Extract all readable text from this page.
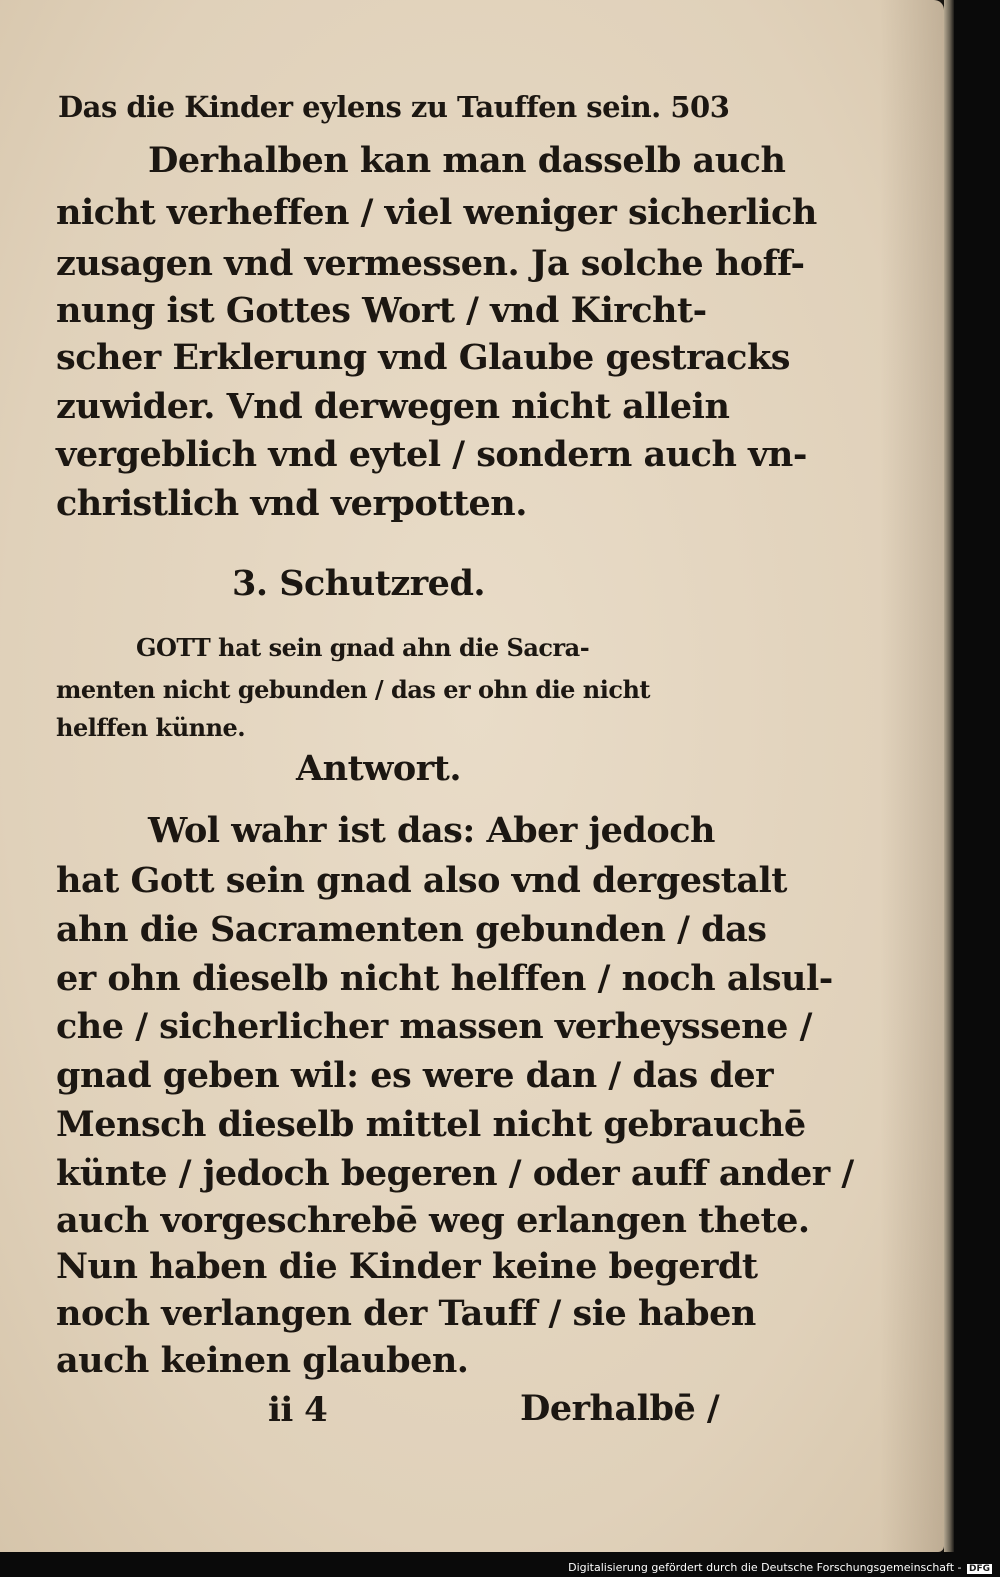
Das die Kinder eylens zu Tauffen sein. 503
Derhalben kan man dasselb auch
nicht verheffen / viel weniger sicherlich
zusagen vnd vermessen. Ja solche hoff-
nung ist Gottes Wort / vnd Kircht-
scher Erklerung vnd Glaube gestracks
zuwider. Vnd derwegen nicht allein
vergeblich vnd eytel / sondern auch vn-
christlich vnd verpotten.
3. Schutzred.
GOTT hat sein gnad ahn die Sacra-
menten nicht gebunden / das er ohn die nicht
helffen künne.
Antwort.
Wol wahr ist das: Aber jedoch
hat Gott sein gnad also vnd dergestalt
ahn die Sacramenten gebunden / das
er ohn dieselb nicht helffen / noch alsul-
che / sicherlicher massen verheyssene /
gnad geben wil: es were dan / das der
Mensch dieselb mittel nicht gebrauchē
künte / jedoch begeren / oder auff ander /
auch vorgeschrebē weg erlangen thete.
Nun haben die Kinder keine begerdt
noch verlangen der Tauff / sie haben
auch keinen glauben.
ii 4	Derhalbē /
Digitalisierung gefördert durch die Deutsche Forschungsgemeinschaft - DFG
